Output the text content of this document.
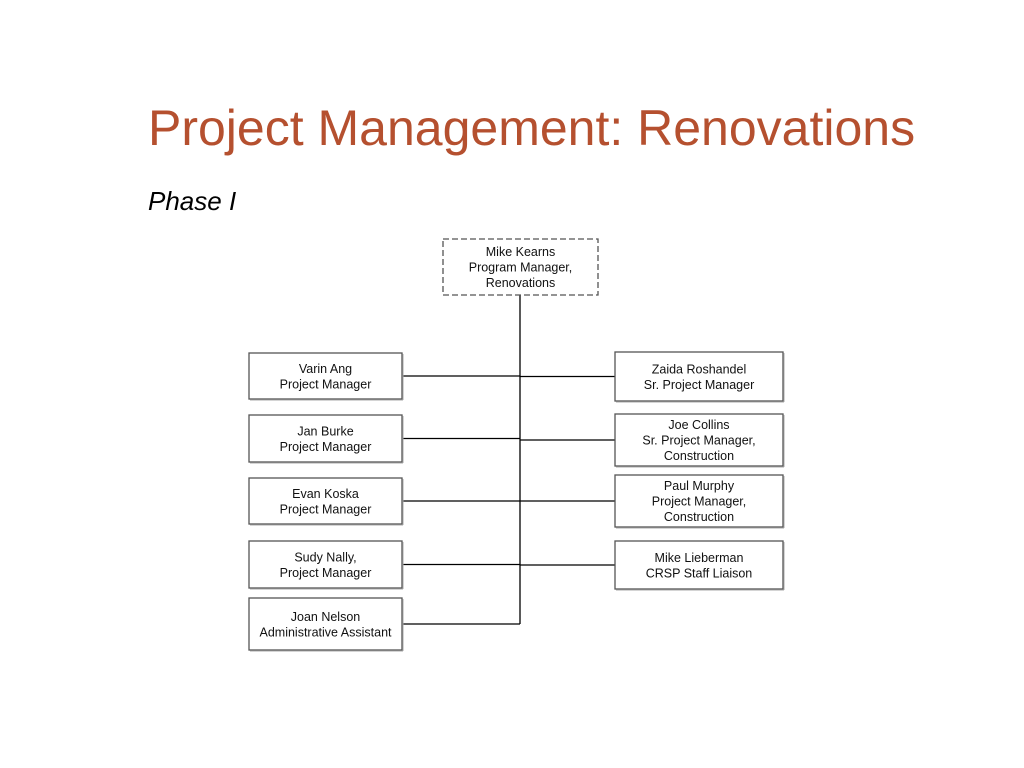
Project Management: Renovations
Phase I
Mike Kearns
Program Manager,
Renovations
Varin Ang
Project Manager
Jan Burke
Project Manager
Evan Koska
Project Manager
Sudy Nally,
Project Manager
Joan Nelson
Administrative Assistant
Zaida Roshandel
Sr. Project Manager
Joe Collins
Sr. Project Manager,
Construction
Paul Murphy
Project Manager,
Construction
Mike Lieberman
CRSP Staff Liaison
